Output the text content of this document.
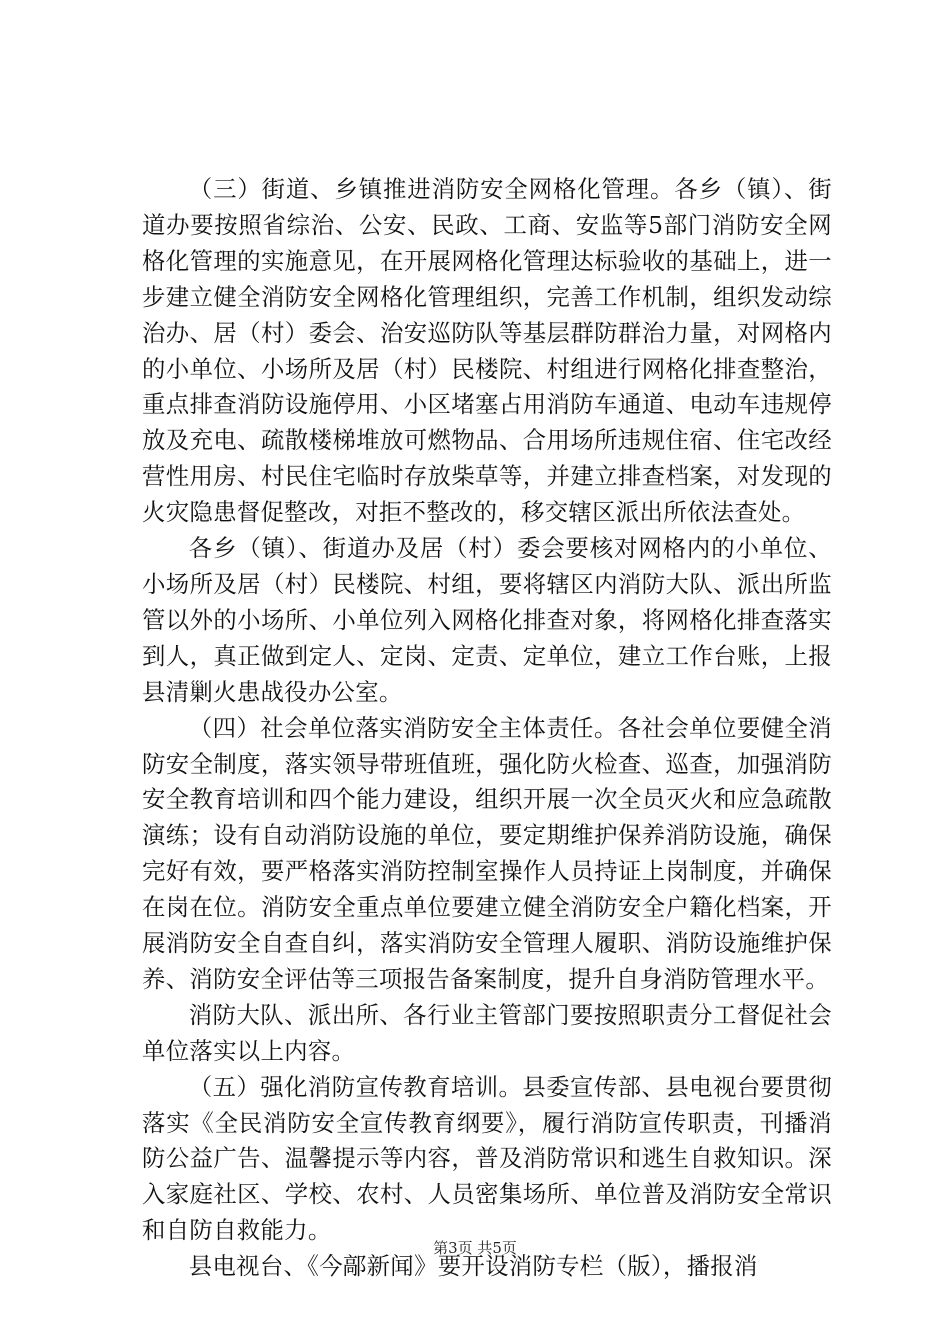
（三）街道、乡镇推进消防安全网格化管理。各乡（镇）、街道办要按照省综治、公安、民政、工商、安监等5部门消防安全网格化管理的实施意见，在开展网格化管理达标验收的基础上，进一步建立健全消防安全网格化管理组织，完善工作机制，组织发动综治办、居（村）委会、治安巡防队等基层群防群治力量，对网格内的小单位、小场所及居（村）民楼院、村组进行网格化排查整治，重点排查消防设施停用、小区堵塞占用消防车通道、电动车违规停放及充电、疏散楼梯堆放可燃物品、合用场所违规住宿、住宅改经营性用房、村民住宅临时存放柴草等，并建立排查档案，对发现的火灾隐患督促整改，对拒不整改的，移交辖区派出所依法查处。

各乡（镇）、街道办及居（村）委会要核对网格内的小单位、小场所及居（村）民楼院、村组，要将辖区内消防大队、派出所监管以外的小场所、小单位列入网格化排查对象，将网格化排查落实到人，真正做到定人、定岗、定责、定单位，建立工作台账，上报县清剿火患战役办公室。

（四）社会单位落实消防安全主体责任。各社会单位要健全消防安全制度，落实领导带班值班，强化防火检查、巡查，加强消防安全教育培训和四个能力建设，组织开展一次全员灭火和应急疏散演练；设有自动消防设施的单位，要定期维护保养消防设施，确保完好有效，要严格落实消防控制室操作人员持证上岗制度，并确保在岗在位。消防安全重点单位要建立健全消防安全户籍化档案，开展消防安全自查自纠，落实消防安全管理人履职、消防设施维护保养、消防安全评估等三项报告备案制度，提升自身消防管理水平。

消防大队、派出所、各行业主管部门要按照职责分工督促社会单位落实以上内容。

（五）强化消防宣传教育培训。县委宣传部、县电视台要贯彻落实《全民消防安全宣传教育纲要》，履行消防宣传职责，刊播消防公益广告、温馨提示等内容，普及消防常识和逃生自救知识。深入家庭社区、学校、农村、人员密集场所、单位普及消防安全常识和自防自救能力。

县电视台、《今鄗新闻》要开设消防专栏（版），播报消

第3页 共5页
